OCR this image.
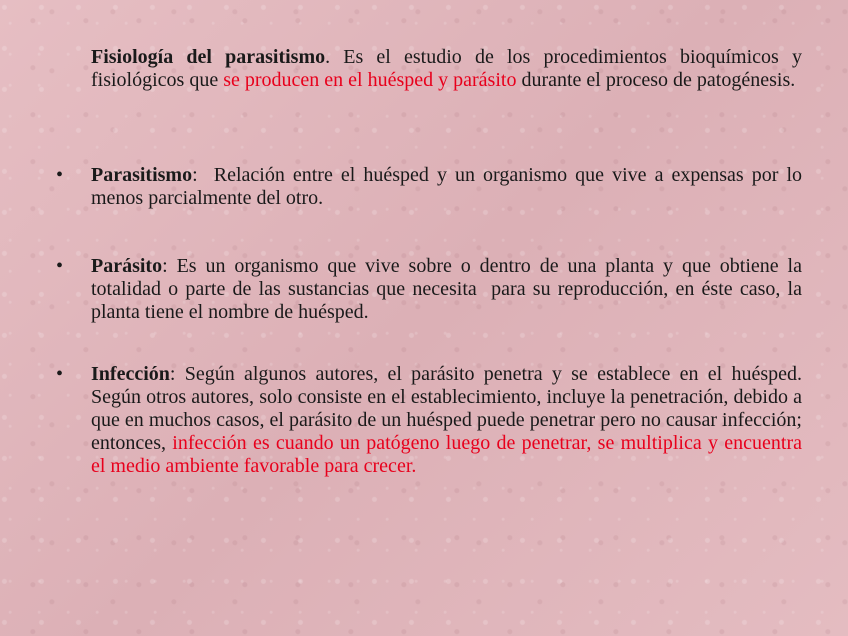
Fisiología del parasitismo. Es el estudio de los procedimientos bioquímicos y fisiológicos que se producen en el huésped y parásito durante el proceso de patogénesis.

• Parasitismo:  Relación entre el huésped y un organismo que vive a expensas por lo menos parcialmente del otro.

• Parásito: Es un organismo que vive sobre o dentro de una planta y que obtiene la totalidad o parte de las sustancias que necesita  para su reproducción, en éste caso, la planta tiene el nombre de huésped.

• Infección: Según algunos autores, el parásito penetra y se establece en el huésped. Según otros autores, solo consiste en el establecimiento, incluye la penetración, debido a que en muchos casos, el parásito de un huésped puede penetrar pero no causar infección; entonces, infección es cuando un patógeno luego de penetrar, se multiplica y encuentra el medio ambiente favorable para crecer.
